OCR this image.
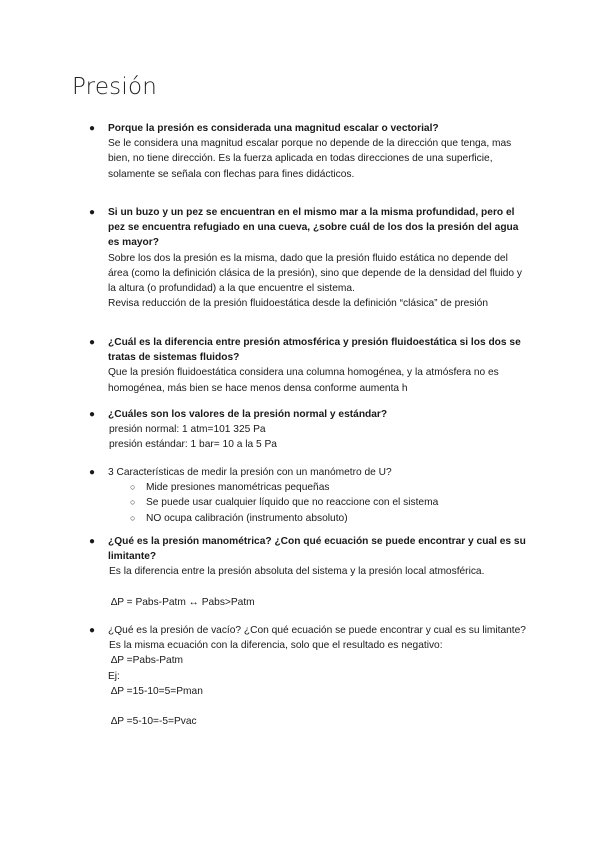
Presión
● Porque la presión es considerada una magnitud escalar o vectorial?
Se le considera una magnitud escalar porque no depende de la dirección que tenga, mas bien, no tiene dirección. Es la fuerza aplicada en todas direcciones de una superficie, solamente se señala con flechas para fines didácticos.
● Si un buzo y un pez se encuentran en el mismo mar a la misma profundidad, pero el pez se encuentra refugiado en una cueva, ¿sobre cuál de los dos la presión del agua es mayor?
Sobre los dos la presión es la misma, dado que la presión fluido estática no depende del área (como la definición clásica de la presión), sino que depende de la densidad del fluido y la altura (o profundidad) a la que encuentre el sistema.
Revisa reducción de la presión fluidoestática desde la definición “clásica” de presión
● ¿Cuál es la diferencia entre presión atmosférica y presión fluidoestática si los dos se tratas de sistemas fluidos?
Que la presión fluidoestática considera una columna homogénea, y la atmósfera no es homogénea, más bien se hace menos densa conforme aumenta h
● ¿Cuáles son los valores de la presión normal y estándar?
presión normal: 1 atm=101 325 Pa
presión estándar: 1 bar= 10 a la 5 Pa
● 3 Características de medir la presión con un manómetro de U?
○ Mide presiones manométricas pequeñas
○ Se puede usar cualquier líquido que no reaccione con el sistema
○ NO ocupa calibración (instrumento absoluto)
● ¿Qué es la presión manométrica? ¿Con qué ecuación se puede encontrar y cual es su limitante?
Es la diferencia entre la presión absoluta del sistema y la presión local atmosférica.
∆P = Pabs-Patm ↔ Pabs>Patm
● ¿Qué es la presión de vacío? ¿Con qué ecuación se puede encontrar y cual es su limitante?
Es la misma ecuación con la diferencia, solo que el resultado es negativo:
∆P =Pabs-Patm
Ej:
∆P =15-10=5=Pman
∆P =5-10=-5=Pvac
